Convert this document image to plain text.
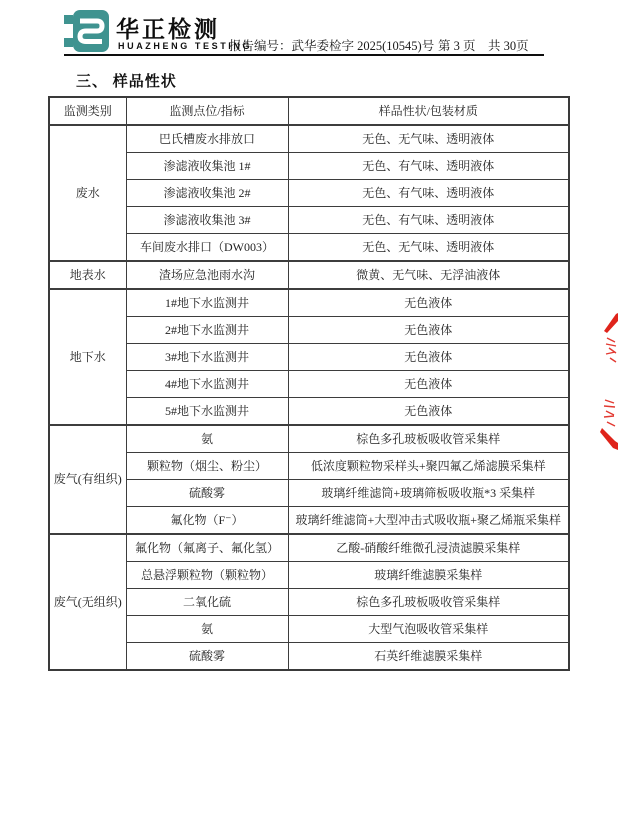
华正检测
HUAZHENG TESTING
报告编号：武华委检字 2025(10545)号 第 3 页　共 30页
三、 样品性状
监测类别	监测点位/指标	样品性状/包装材质
废水	巴氏槽废水排放口	无色、无气味、透明液体
	渗滤液收集池 1#	无色、有气味、透明液体
	渗滤液收集池 2#	无色、有气味、透明液体
	渗滤液收集池 3#	无色、有气味、透明液体
	车间废水排口（DW003）	无色、无气味、透明液体
地表水	渣场应急池雨水沟	微黄、无气味、无浮油液体
地下水	1#地下水监测井	无色液体
	2#地下水监测井	无色液体
	3#地下水监测井	无色液体
	4#地下水监测井	无色液体
	5#地下水监测井	无色液体
废气(有组织)	氨	棕色多孔玻板吸收管采集样
	颗粒物（烟尘、粉尘）	低浓度颗粒物采样头+聚四氟乙烯滤膜采集样
	硫酸雾	玻璃纤维滤筒+玻璃筛板吸收瓶*3 采集样
	氟化物（F⁻）	玻璃纤维滤筒+大型冲击式吸收瓶+聚乙烯瓶采集样
废气(无组织)	氟化物（氟离子、氟化氢）	乙酸-硝酸纤维微孔浸渍滤膜采集样
	总悬浮颗粒物（颗粒物）	玻璃纤维滤膜采集样
	二氧化硫	棕色多孔玻板吸收管采集样
	氨	大型气泡吸收管采集样
	硫酸雾	石英纤维滤膜采集样
